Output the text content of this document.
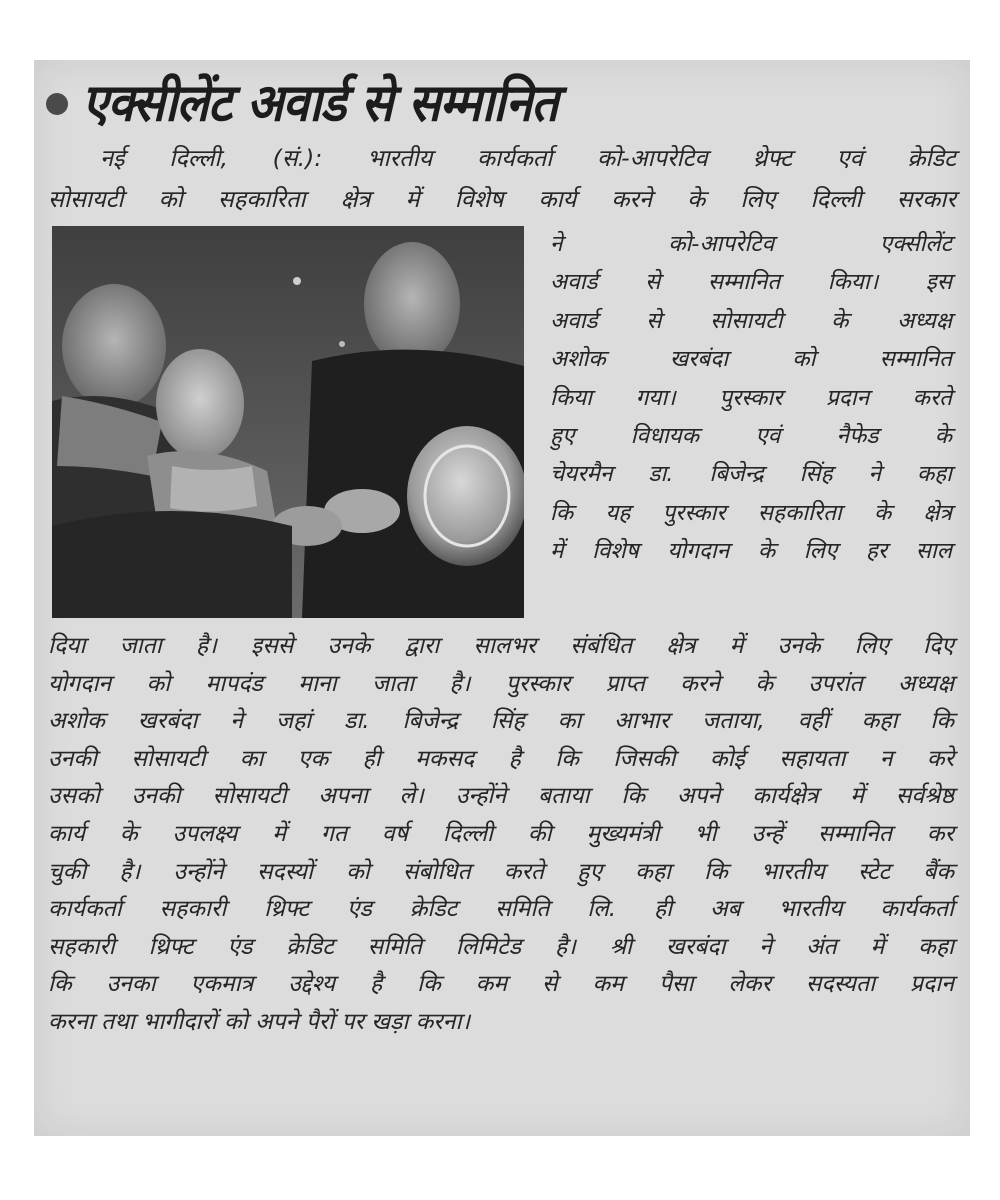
एक्सीलेंट अवार्ड से सम्मानित
नई दिल्ली, (सं.): भारतीय कार्यकर्ता को-आपरेटिव थ्रेफ्ट एवं क्रेडिट
सोसायटी को सहकारिता क्षेत्र में विशेष कार्य करने के लिए दिल्ली सरकार
ने को-आपरेटिव एक्सीलेंट
अवार्ड से सम्मानित किया। इस
अवार्ड से सोसायटी के अध्यक्ष
अशोक खरबंदा को सम्मानित
किया गया। पुरस्कार प्रदान करते
हुए विधायक एवं नैफेड के
चेयरमैन डा. बिजेन्द्र सिंह ने कहा
कि यह पुरस्कार सहकारिता के क्षेत्र
में विशेष योगदान के लिए हर साल
दिया जाता है। इससे उनके द्वारा सालभर संबंधित क्षेत्र में उनके लिए दिए
योगदान को मापदंड माना जाता है। पुरस्कार प्राप्त करने के उपरांत अध्यक्ष
अशोक खरबंदा ने जहां डा. बिजेन्द्र सिंह का आभार जताया, वहीं कहा कि
उनकी सोसायटी का एक ही मकसद है कि जिसकी कोई सहायता न करे
उसको उनकी सोसायटी अपना ले। उन्होंने बताया कि अपने कार्यक्षेत्र में सर्वश्रेष्ठ
कार्य के उपलक्ष्य में गत वर्ष दिल्ली की मुख्यमंत्री भी उन्हें सम्मानित कर
चुकी है। उन्होंने सदस्यों को संबोधित करते हुए कहा कि भारतीय स्टेट बैंक
कार्यकर्ता सहकारी थ्रिफ्ट एंड क्रेडिट समिति लि. ही अब भारतीय कार्यकर्ता
सहकारी थ्रिफ्ट एंड क्रेडिट समिति लिमिटेड है। श्री खरबंदा ने अंत में कहा
कि उनका एकमात्र उद्देश्य है कि कम से कम पैसा लेकर सदस्यता प्रदान
करना तथा भागीदारों को अपने पैरों पर खड़ा करना।
